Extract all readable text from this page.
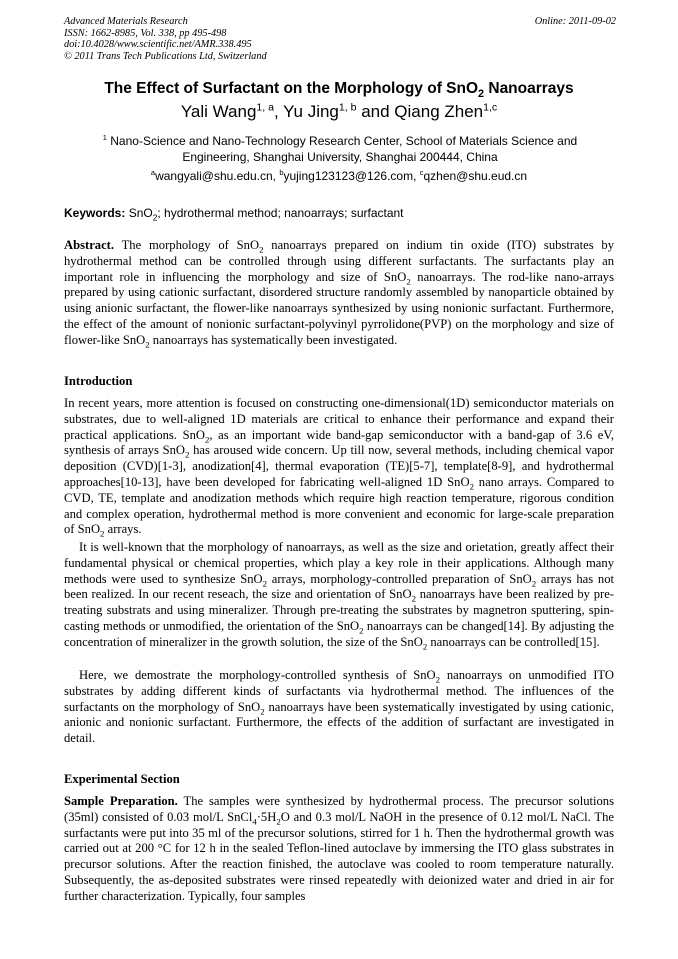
Advanced Materials Research
ISSN: 1662-8985, Vol. 338, pp 495-498
doi:10.4028/www.scientific.net/AMR.338.495
© 2011 Trans Tech Publications Ltd, Switzerland
Online: 2011-09-02
The Effect of Surfactant on the Morphology of SnO$_2$ Nanoarrays
Yali Wang$^{1, a}$, Yu Jing$^{1, b}$ and Qiang Zhen$^{1,c}$
$^1$ Nano-Science and Nano-Technology Research Center, School of Materials Science and
Engineering, Shanghai University, Shanghai 200444, China
$^a$wangyali@shu.edu.cn, $^b$yujing123123@126.com, $^c$qzhen@shu.eud.cn
Keywords: SnO$_2$; hydrothermal method; nanoarrays; surfactant
Abstract. The morphology of SnO$_2$ nanoarrays prepared on indium tin oxide (ITO) substrates by hydrothermal method can be controlled through using different surfactants. The surfactants play an important role in influencing the morphology and size of SnO$_2$ nanoarrays. The rod-like nano-arrays prepared by using cationic surfactant, disordered structure randomly assembled by nanoparticle obtained by using anionic surfactant, the flower-like nanoarrays synthesized by using nonionic surfactant. Furthermore, the effect of the amount of nonionic surfactant-polyvinyl pyrrolidone(PVP) on the morphology and size of flower-like SnO$_2$ nanoarrays has systematically been investigated.
Introduction
In recent years, more attention is focused on constructing one-dimensional(1D) semiconductor materials on substrates, due to well-aligned 1D materials are critical to enhance their performance and expand their practical applications. SnO$_2$, as an important wide band-gap semiconductor with a band-gap of 3.6 eV, synthesis of arrays SnO$_2$ has aroused wide concern. Up till now, several methods, including chemical vapor deposition (CVD)[1-3], anodization[4], thermal evaporation (TE)[5-7], template[8-9], and hydrothermal approaches[10-13], have been developed for fabricating well-aligned 1D SnO$_2$ nano arrays. Compared to CVD, TE, template and anodization methods which require high reaction temperature, rigorous condition and complex operation, hydrothermal method is more convenient and economic for large-scale preparation of SnO$_2$ arrays.
It is well-known that the morphology of nanoarrays, as well as the size and orietation, greatly affect their fundamental physical or chemical properties, which play a key role in their applications. Although many methods were used to synthesize SnO$_2$ arrays, morphology-controlled preparation of SnO$_2$ arrays has not been realized. In our recent reseach, the size and orientation of SnO$_2$ nanoarrays have been realized by pre-treating substrats and using mineralizer. Through pre-treating the substrates by magnetron sputtering, spin-casting methods or unmodified, the orientation of the SnO$_2$ nanoarrays can be changed[14]. By adjusting the concentration of mineralizer in the growth solution, the size of the SnO$_2$ nanoarrays can be controlled[15].
Here, we demostrate the morphology-controlled synthesis of SnO$_2$ nanoarrays on unmodified ITO substrates by adding different kinds of surfactants via hydrothermal method. The influences of the surfactants on the morphology of SnO$_2$ nanoarrays have been systematically investigated by using cationic, anionic and nonionic surfactant. Furthermore, the effects of the addition of surfactant are investigated in detail.
Experimental Section
Sample Preparation. The samples were synthesized by hydrothermal process. The precursor solutions (35ml) consisted of 0.03 mol/L $SnCl_4\cdot 5H_2O$ and 0.3 mol/L NaOH in the presence of 0.12 mol/L NaCl. The surfactants were put into 35 ml of the precursor solutions, stirred for 1 h. Then the hydrothermal growth was carried out at 200 °C for 12 h in the sealed Teflon-lined autoclave by immersing the ITO glass substrates in precursor solutions. After the reaction finished, the autoclave was cooled to room temperature naturally. Subsequently, the as-deposited substrates were rinsed repeatedly with deionized water and dried in air for further characterization. Typically, four samples
